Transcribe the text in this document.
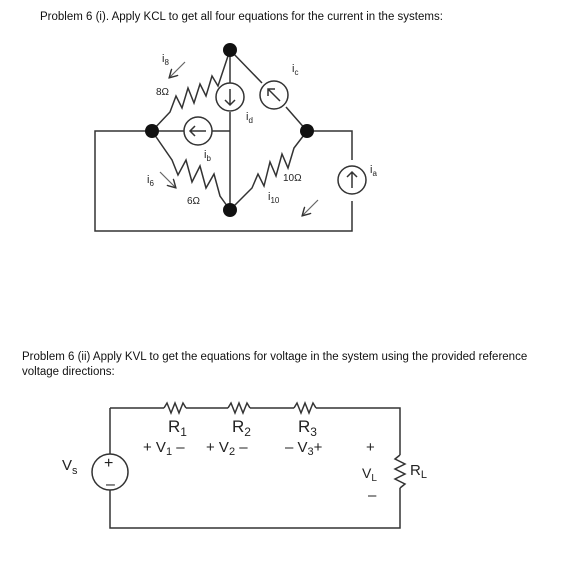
Problem 6 (i). Apply KCL to get all four equations for the current in the systems:
Problem 6 (ii) Apply KVL to get the equations for voltage in the system using the provided reference voltage directions:
$i_8$
8Ω
$i_c$
$i_d$
$i_b$
$i_6$
6Ω
10Ω
$i_{10}$
$i_a$
+
–
$R_1$	$R_2$	$R_3$
+ $V_1$ – + $V_2$ – – $V_3+$
$V_s$
+
$V_L$ $R_L$
–
